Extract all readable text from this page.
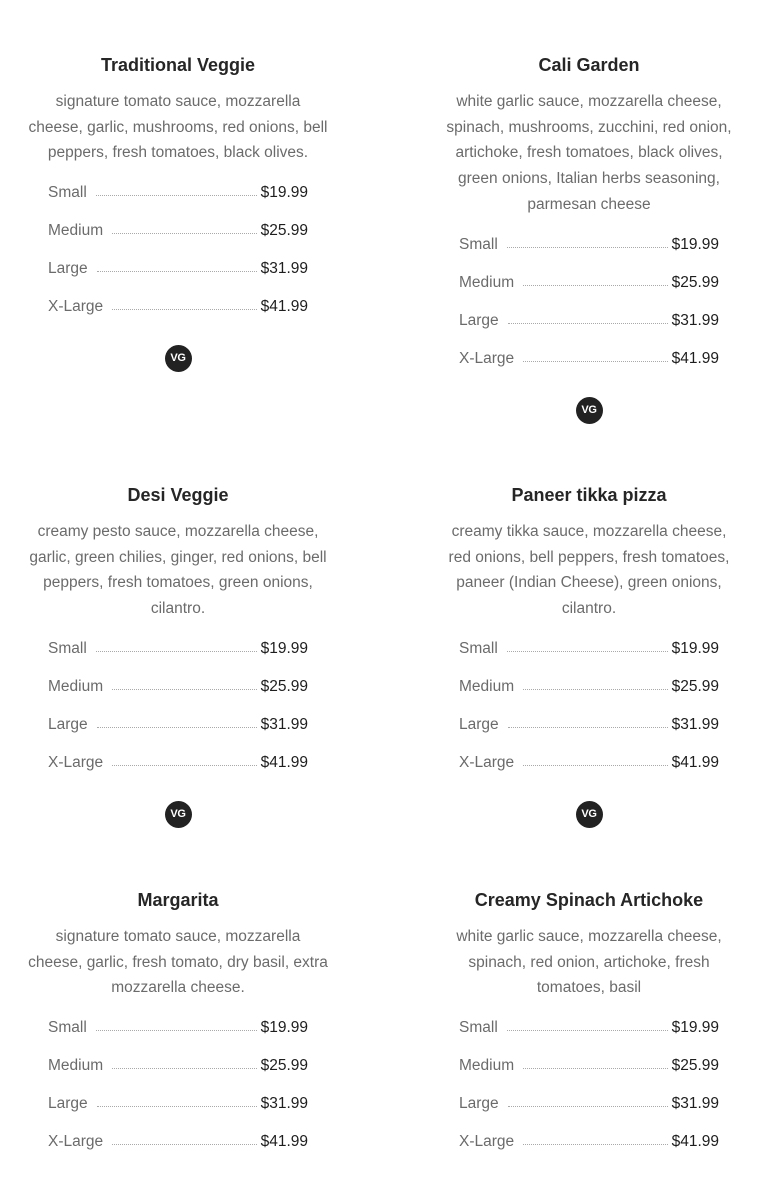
Traditional Veggie

signature tomato sauce, mozzarella cheese, garlic, mushrooms, red onions, bell peppers, fresh tomatoes, black olives.

Small	$19.99
Medium	$25.99
Large	$31.99
X-Large	$41.99
VG
Cali Garden

white garlic sauce, mozzarella cheese, spinach, mushrooms, zucchini, red onion, artichoke, fresh tomatoes, black olives, green onions, Italian herbs seasoning, parmesan cheese

Small	$19.99
Medium	$25.99
Large	$31.99
X-Large	$41.99
VG
Desi Veggie

creamy pesto sauce, mozzarella cheese, garlic, green chilies, ginger, red onions, bell peppers, fresh tomatoes, green onions, cilantro.

Small	$19.99
Medium	$25.99
Large	$31.99
X-Large	$41.99
VG
Paneer tikka pizza

creamy tikka sauce, mozzarella cheese, red onions, bell peppers, fresh tomatoes, paneer (Indian Cheese), green onions, cilantro.

Small	$19.99
Medium	$25.99
Large	$31.99
X-Large	$41.99
VG
Margarita

signature tomato sauce, mozzarella cheese, garlic, fresh tomato, dry basil, extra mozzarella cheese.

Small	$19.99
Medium	$25.99
Large	$31.99
X-Large	$41.99
Creamy Spinach Artichoke

white garlic sauce, mozzarella cheese, spinach, red onion, artichoke, fresh tomatoes, basil

Small	$19.99
Medium	$25.99
Large	$31.99
X-Large	$41.99
